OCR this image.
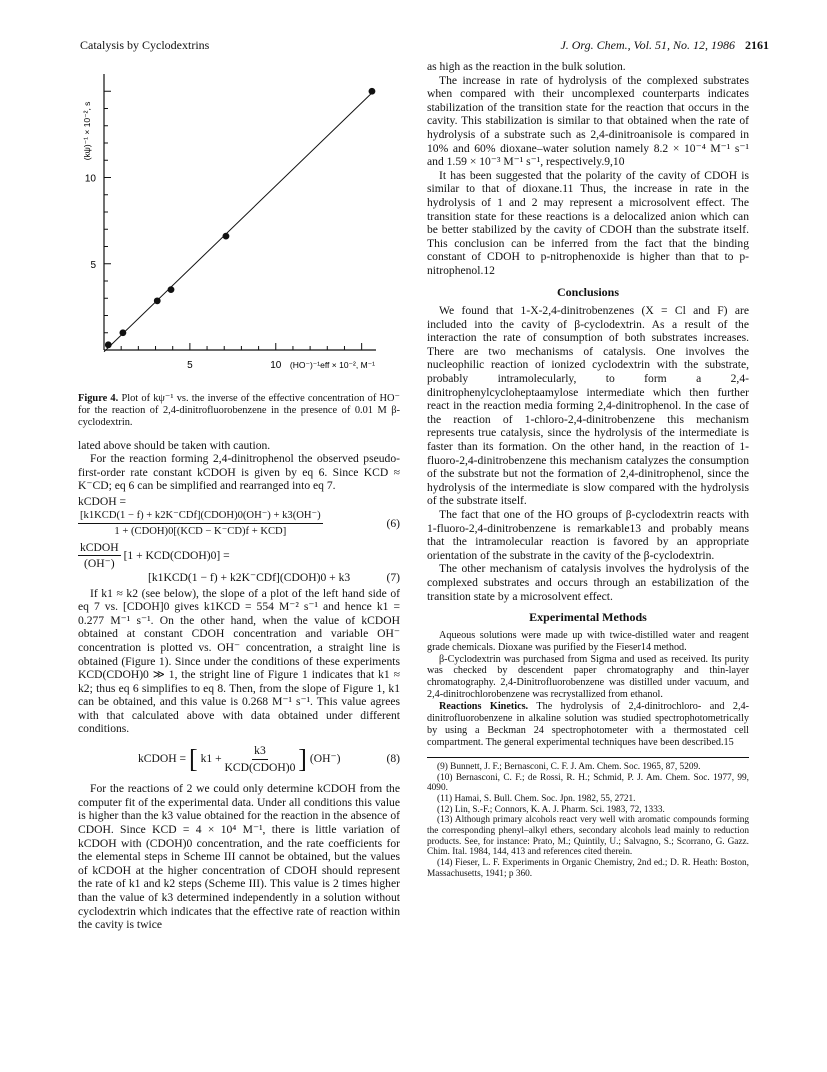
Catalysis by Cyclodextrins	J. Org. Chem., Vol. 51, No. 12, 1986 2161
5	10
5
10
(kψ)⁻¹ × 10⁻², s
(HO⁻)⁻¹eff × 10⁻², M⁻¹

Figure 4. Plot of kψ⁻¹ vs. the inverse of the effective concentration of HO⁻ for the reaction of 2,4-dinitrofluorobenzene in the presence of 0.01 M β-cyclodextrin.

lated above should be taken with caution.

For the reaction forming 2,4-dinitrophenol the observed pseudo-first-order rate constant kCDOH is given by eq 6. Since KCD ≈ K⁻CD; eq 6 can be simplified and rearranged into eq 7.

kCDOH =
$\frac{\text{[k1KCD(1 − f) + k2K⁻CDf](CDOH)0(OH⁻) + k3(OH⁻)}}{\text{1 + (CDOH)0[(KCD − K⁻CD)f + KCD]}}$	(6)
$\frac{\text{kCDOH}}{(OH^-)} [1$ + KCD(CDOH)0] =
[k1KCD(1 − f) + k2K⁻CDf](CDOH)0 + k3	(7)

If k1 ≈ k2 (see below), the slope of a plot of the left hand side of eq 7 vs. [CDOH]0 gives k1KCD = 554 M⁻² s⁻¹ and hence k1 = 0.277 M⁻¹ s⁻¹. On the other hand, when the value of kCDOH obtained at constant CDOH concentration and variable OH⁻ concentration is plotted vs. OH⁻ concentration, a straight line is obtained (Figure 1). Since under the conditions of these experiments KCD(CDOH)0 ≫ 1, the stright line of Figure 1 indicates that k1 ≈ k2; thus eq 6 simplifies to eq 8. Then, from the slope of Figure 1, k1 can be obtained, and this value is 0.268 M⁻¹ s⁻¹. This value agrees with that calculated above with data obtained under different conditions.

kCDOH = [ $k1 + \frac{k3}{\text{KCD(CDOH)0}}$ ] (OH⁻)	(8)

For the reactions of 2 we could only determine kCDOH from the computer fit of the experimental data. Under all conditions this value is higher than the k3 value obtained for the reaction in the absence of CDOH. Since KCD = 4 × 10⁴ M⁻¹, there is little variation of kCDOH with (CDOH)0 concentration, and the rate coefficients for the elemental steps in Scheme III cannot be obtained, but the values of kCDOH at the higher concentration of CDOH should represent the rate of k1 and k2 steps (Scheme III). This value is 2 times higher than the value of k3 determined independently in a solution without cyclodextrin which indicates that the effective rate of reaction within the cavity is twice

as high as the reaction in the bulk solution.

The increase in rate of hydrolysis of the complexed substrates when compared with their uncomplexed counterparts indicates stabilization of the transition state for the reaction that occurs in the cavity. This stabilization is similar to that obtained when the rate of hydrolysis of a substrate such as 2,4-dinitroanisole is compared in 10% and 60% dioxane–water solution namely 8.2 × 10⁻⁴ M⁻¹ s⁻¹ and 1.59 × 10⁻³ M⁻¹ s⁻¹, respectively.9,10

It has been suggested that the polarity of the cavity of CDOH is similar to that of dioxane.11 Thus, the increase in rate in the hydrolysis of 1 and 2 may represent a microsolvent effect. The transition state for these reactions is a delocalized anion which can be better stabilized by the cavity of CDOH than the substrate itself. This conclusion can be inferred from the fact that the binding constant of CDOH to p-nitrophenoxide is higher than that to p-nitrophenol.12

Conclusions

We found that 1-X-2,4-dinitrobenzenes (X = Cl and F) are included into the cavity of β-cyclodextrin. As a result of the interaction the rate of consumption of both substrates increases. There are two mechanisms of catalysis. One involves the nucleophilic reaction of ionized cyclodextrin with the substrate, probably intramolecularly, to form a 2,4-dinitrophenylcycloheptaamylose intermediate which then further react in the reaction media forming 2,4-dinitrophenol. In the case of the reaction of 1-chloro-2,4-dinitrobenzene this mechanism represents true catalysis, since the hydrolysis of the intermediate is faster than its formation. On the other hand, in the reaction of 1-fluoro-2,4-dinitrobenzene this mechanism catalyzes the consumption of the substrate but not the formation of 2,4-dinitrophenol, since the hydrolysis of the intermediate is slow compared with the hydrolysis of the substrate itself.

The fact that one of the HO groups of β-cyclodextrin reacts with 1-fluoro-2,4-dinitrobenzene is remarkable13 and probably means that the intramolecular reaction is favored by an appropriate orientation of the substrate in the cavity of the β-cyclodextrin.

The other mechanism of catalysis involves the hydrolysis of the complexed substrates and occurs through an estabilization of the transition state by a microsolvent effect.

Experimental Methods

Aqueous solutions were made up with twice-distilled water and reagent grade chemicals. Dioxane was purified by the Fieser14 method.

β-Cyclodextrin was purchased from Sigma and used as received. Its purity was checked by descendent paper chromatography and thin-layer chromatography. 2,4-Dinitrofluorobenzene was distilled under vacuum, and 2,4-dinitrochlorobenzene was recrystallized from ethanol.

Reactions Kinetics. The hydrolysis of 2,4-dinitrochloro- and 2,4-dinitrofluorobenzene in alkaline solution was studied spectrophotometrically by using a Beckman 24 spectrophotometer with a thermostated cell compartment. The general experimental techniques have been described.15

(9) Bunnett, J. F.; Bernasconi, C. F. J. Am. Chem. Soc. 1965, 87, 5209.

(10) Bernasconi, C. F.; de Rossi, R. H.; Schmid, P. J. Am. Chem. Soc. 1977, 99, 4090.

(11) Hamai, S. Bull. Chem. Soc. Jpn. 1982, 55, 2721.

(12) Lin, S.-F.; Connors, K. A. J. Pharm. Sci. 1983, 72, 1333.

(13) Although primary alcohols react very well with aromatic compounds forming the corresponding phenyl–alkyl ethers, secondary alcohols lead mainly to reduction products. See, for instance: Prato, M.; Quintily, U.; Salvagno, S.; Scorrano, G. Gazz. Chim. Ital. 1984, 144, 413 and references cited therein.

(14) Fieser, L. F. Experiments in Organic Chemistry, 2nd ed.; D. R. Heath: Boston, Massachusetts, 1941; p 360.
